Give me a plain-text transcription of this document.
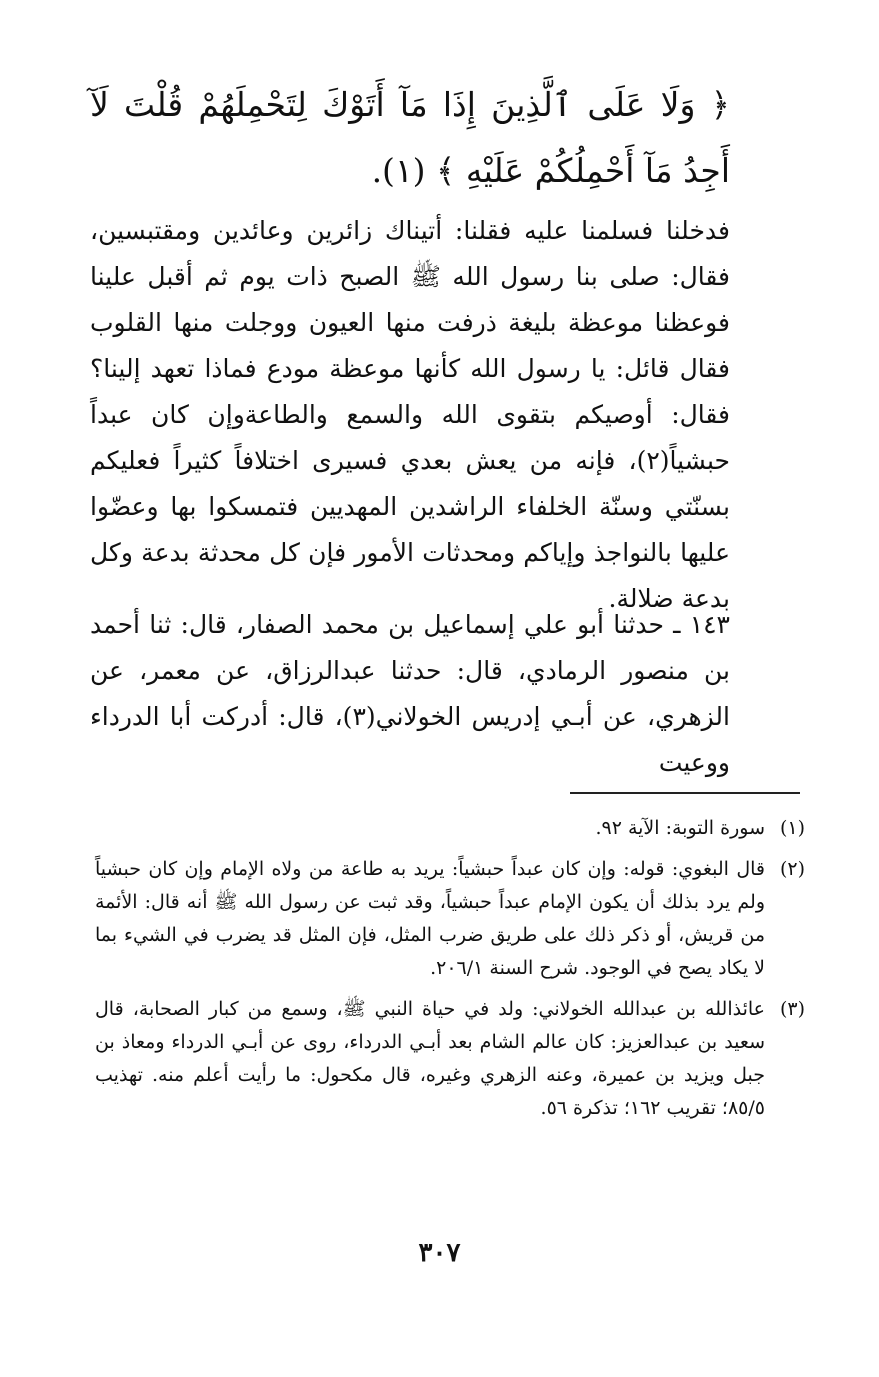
﴿ وَلَا عَلَى ٱلَّذِينَ إِذَا مَآ أَتَوْكَ لِتَحْمِلَهُمْ قُلْتَ لَآ أَجِدُ مَآ أَحْمِلُكُمْ عَلَيْهِ ﴾ (١).
فدخلنا فسلمنا عليه فقلنا: أتيناك زائرين وعائدين ومقتبسين، فقال: صلى بنا رسول الله ﷺ الصبح ذات يوم ثم أقبل علينا فوعظنا موعظة بليغة ذرفت منها العيون ووجلت منها القلوب فقال قائل: يا رسول الله كأنها موعظة مودع فماذا تعهد إلينا؟ فقال: أوصيكم بتقوى الله والسمع والطاعةوإن كان عبداً حبشياً(٢)، فإنه من يعش بعدي فسيرى اختلافاً كثيراً فعليكم بسنّتي وسنّة الخلفاء الراشدين المهديين فتمسكوا بها وعضّوا عليها بالنواجذ وإياكم ومحدثات الأمور فإن كل محدثة بدعة وكل بدعة ضلالة.
١٤٣ ـ حدثنا أبو علي إسماعيل بن محمد الصفار، قال: ثنا أحمد بن منصور الرمادي، قال: حدثنا عبدالرزاق، عن معمر، عن الزهري، عن أبـي إدريس الخولاني(٣)، قال: أدركت أبا الدرداء ووعيت
(١)
سورة التوبة: الآية ٩٢.
(٢)
قال البغوي: قوله: وإن كان عبداً حبشياً: يريد به طاعة من ولاه الإمام وإن كان حبشياً ولم يرد بذلك أن يكون الإمام عبداً حبشياً، وقد ثبت عن رسول الله ﷺ أنه قال: الأئمة من قريش، أو ذكر ذلك على طريق ضرب المثل، فإن المثل قد يضرب في الشيء بما لا يكاد يصح في الوجود. شرح السنة ٢٠٦/١.
(٣)
عائذالله بن عبدالله الخولاني: ولد في حياة النبي ﷺ، وسمع من كبار الصحابة، قال سعيد بن عبدالعزيز: كان عالم الشام بعد أبـي الدرداء، روى عن أبـي الدرداء ومعاذ بن جبل ويزيد بن عميرة، وعنه الزهري وغيره، قال مكحول: ما رأيت أعلم منه. تهذيب ٨٥/٥؛ تقريب ١٦٢؛ تذكرة ٥٦.
٣٠٧
